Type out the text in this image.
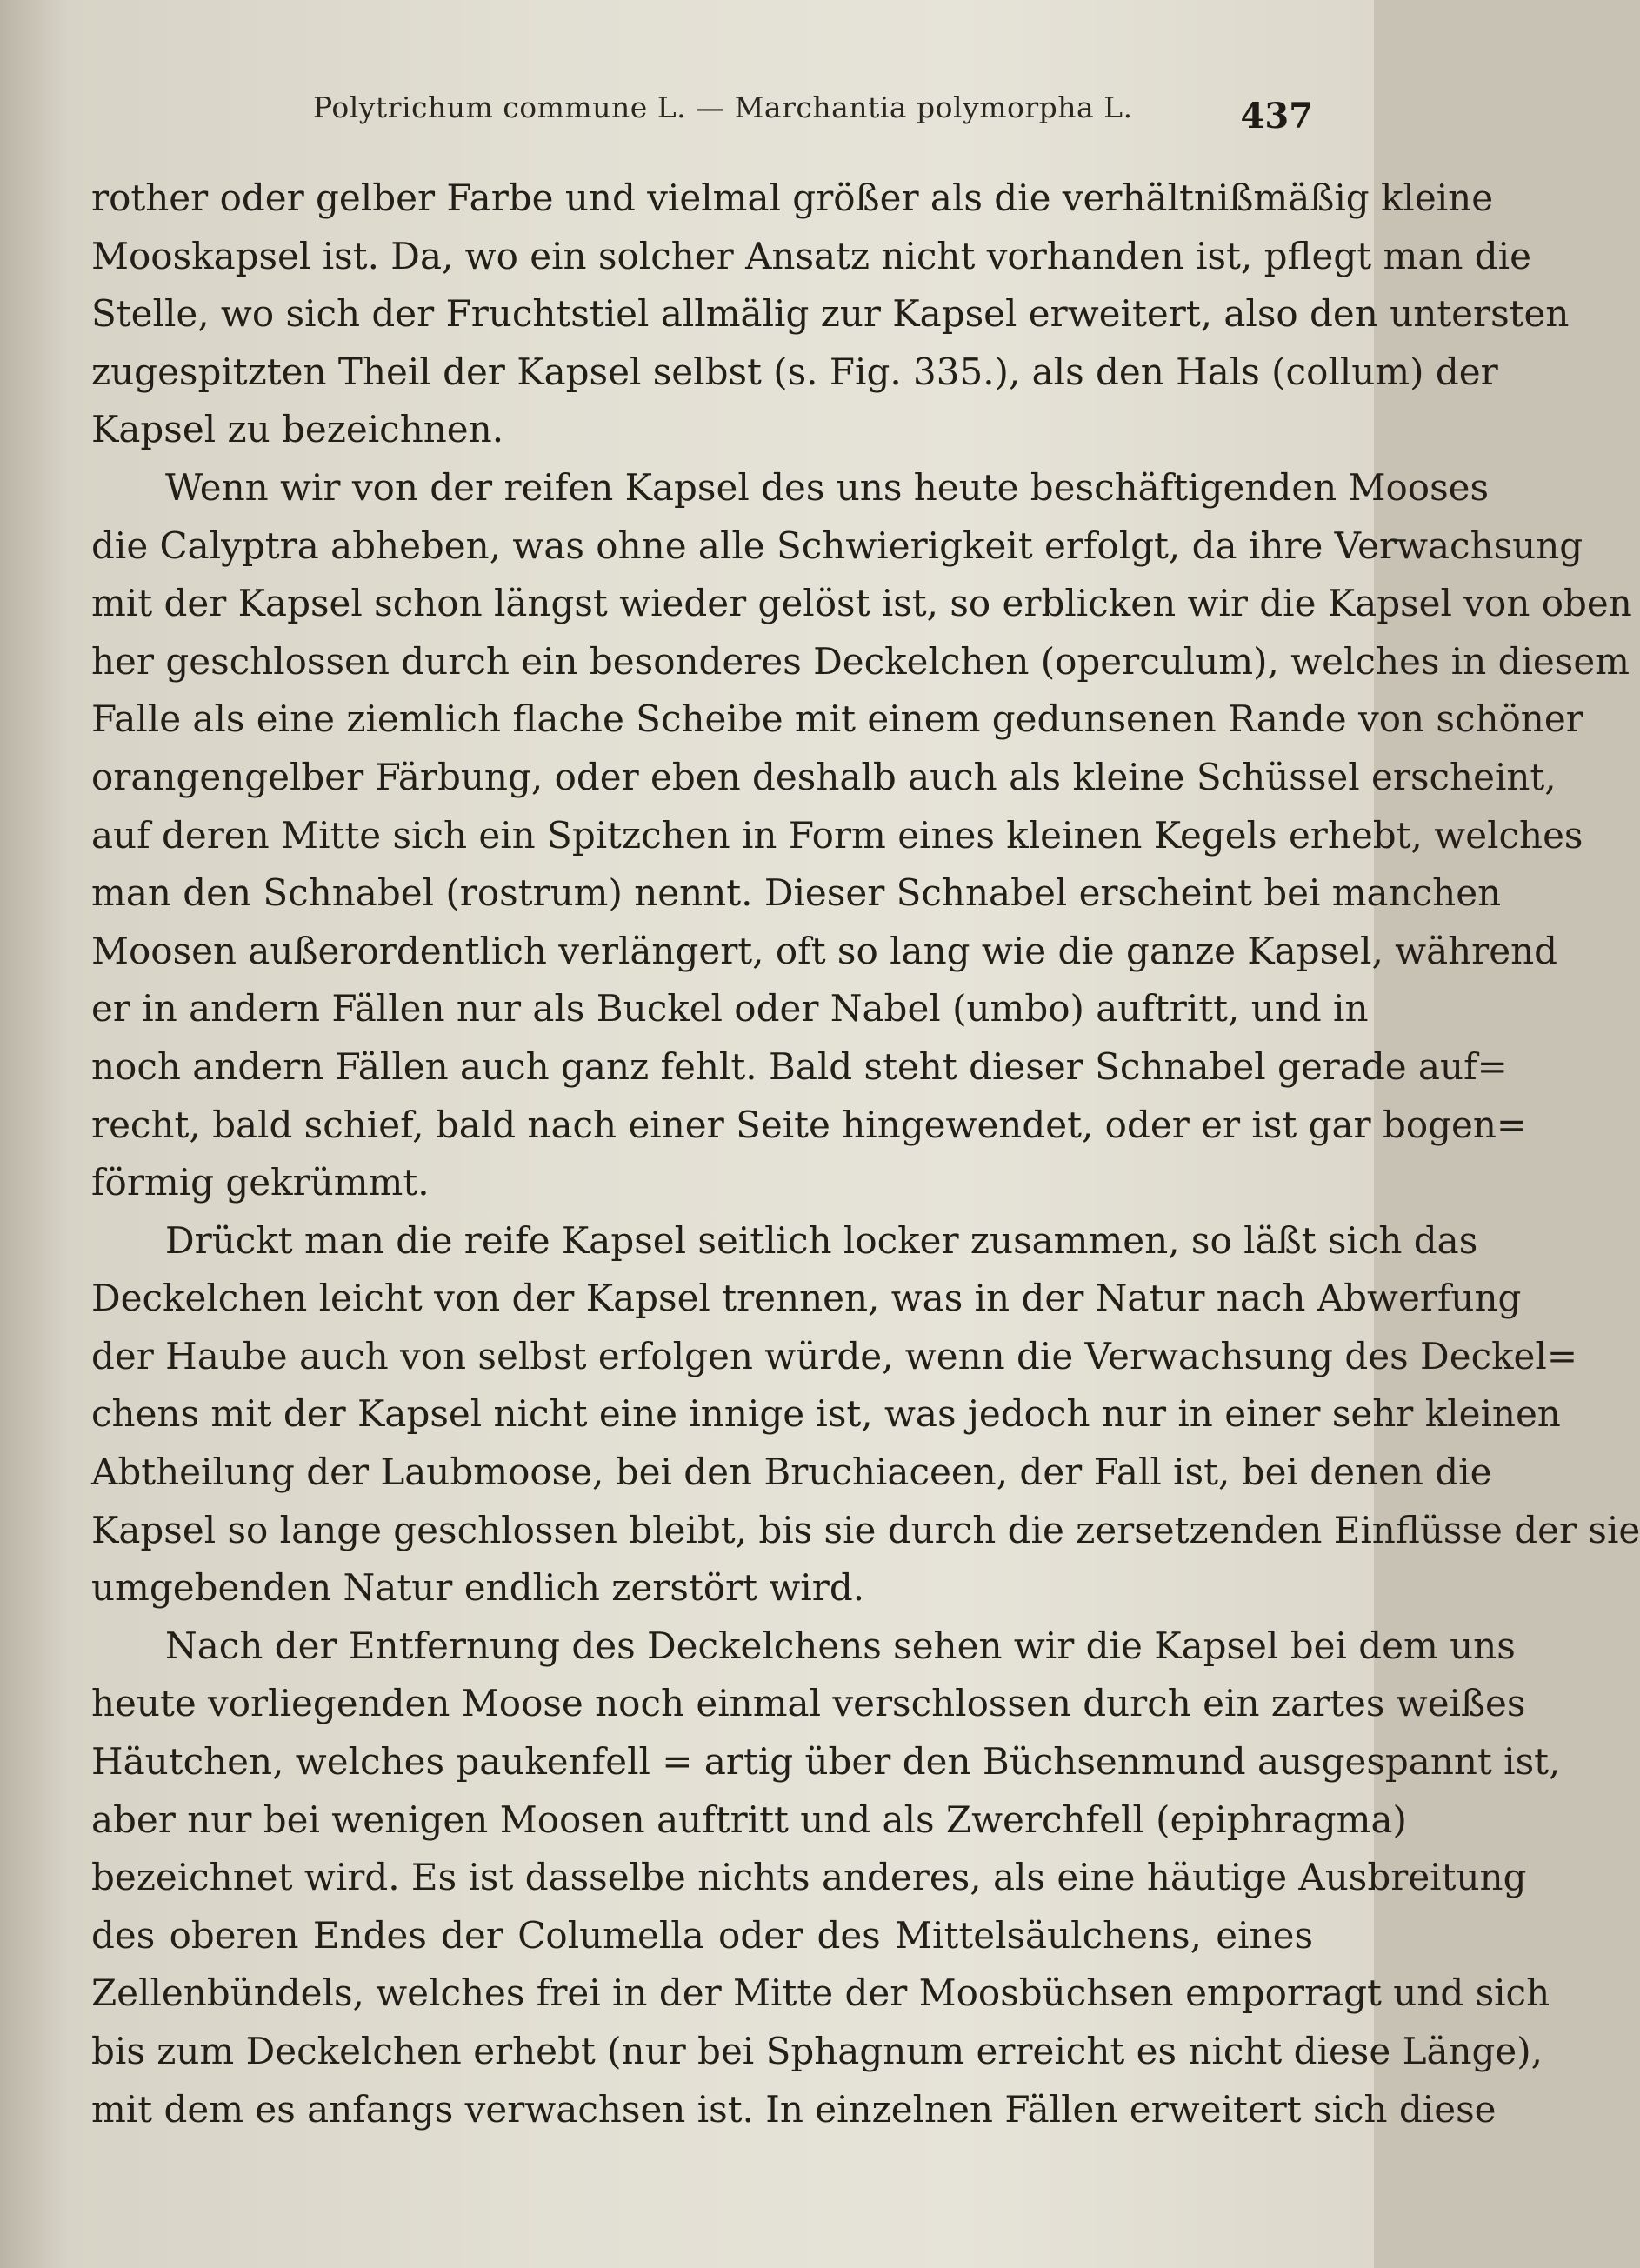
Polytrichum commune L. — Marchantia polymorpha L.	437
rother oder gelber Farbe und vielmal größer als die verhältnißmäßig kleine
Mooskapsel ist. Da, wo ein solcher Ansatz nicht vorhanden ist, pflegt man die
Stelle, wo sich der Fruchtstiel allmälig zur Kapsel erweitert, also den untersten
zugespitzten Theil der Kapsel selbst (s. Fig. 335.), als den Hals (collum) der
Kapsel zu bezeichnen.
Wenn wir von der reifen Kapsel des uns heute beschäftigenden Mooses
die Calyptra abheben, was ohne alle Schwierigkeit erfolgt, da ihre Verwachsung
mit der Kapsel schon längst wieder gelöst ist, so erblicken wir die Kapsel von oben
her geschlossen durch ein besonderes Deckelchen (operculum), welches in diesem
Falle als eine ziemlich flache Scheibe mit einem gedunsenen Rande von schöner
orangengelber Färbung, oder eben deshalb auch als kleine Schüssel erscheint,
auf deren Mitte sich ein Spitzchen in Form eines kleinen Kegels erhebt, welches
man den Schnabel (rostrum) nennt. Dieser Schnabel erscheint bei manchen
Moosen außerordentlich verlängert, oft so lang wie die ganze Kapsel, während
er in andern Fällen nur als Buckel oder Nabel (umbo) auftritt, und in
noch andern Fällen auch ganz fehlt. Bald steht dieser Schnabel gerade auf=
recht, bald schief, bald nach einer Seite hingewendet, oder er ist gar bogen=
förmig gekrümmt.
Drückt man die reife Kapsel seitlich locker zusammen, so läßt sich das
Deckelchen leicht von der Kapsel trennen, was in der Natur nach Abwerfung
der Haube auch von selbst erfolgen würde, wenn die Verwachsung des Deckel=
chens mit der Kapsel nicht eine innige ist, was jedoch nur in einer sehr kleinen
Abtheilung der Laubmoose, bei den Bruchiaceen, der Fall ist, bei denen die
Kapsel so lange geschlossen bleibt, bis sie durch die zersetzenden Einflüsse der sie
umgebenden Natur endlich zerstört wird.
Nach der Entfernung des Deckelchens sehen wir die Kapsel bei dem uns
heute vorliegenden Moose noch einmal verschlossen durch ein zartes weißes
Häutchen, welches paukenfell = artig über den Büchsenmund ausgespannt ist,
aber nur bei wenigen Moosen auftritt und als Zwerchfell (epiphragma)
bezeichnet wird. Es ist dasselbe nichts anderes, als eine häutige Ausbreitung
des oberen Endes der Columella oder des Mittelsäulchens, eines
Zellenbündels, welches frei in der Mitte der Moosbüchsen emporragt und sich
bis zum Deckelchen erhebt (nur bei Sphagnum erreicht es nicht diese Länge),
mit dem es anfangs verwachsen ist. In einzelnen Fällen erweitert sich diese
